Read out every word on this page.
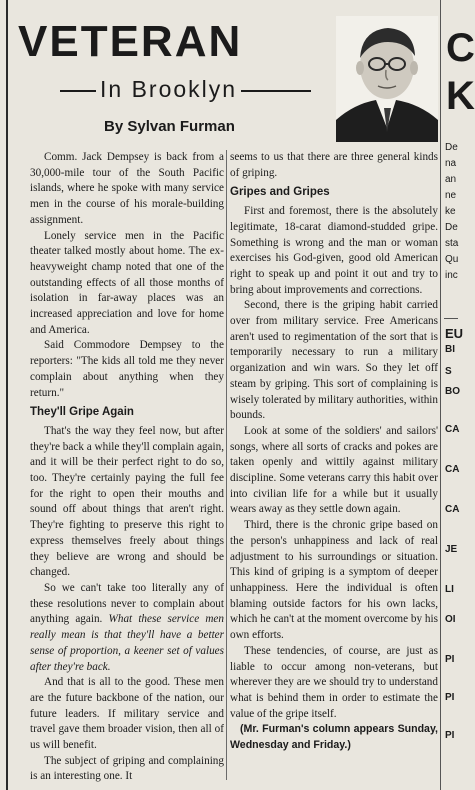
VETERAN
In Brooklyn
By Sylvan Furman

Comm. Jack Dempsey is back from a 30,000-mile tour of the South Pacific islands, where he spoke with many service men in the course of his morale-building assignment.

Lonely service men in the Pacific theater talked mostly about home. The ex-heavyweight champ noted that one of the outstanding effects of all those months of isolation in far-away places was an increased appreciation and love for home and America.

Said Commodore Dempsey to the reporters: "The kids all told me they never complain about anything when they return."

They'll Gripe Again

That's the way they feel now, but after they're back a while they'll complain again, and it will be their perfect right to do so, too. They're certainly paying the full fee for the right to open their mouths and sound off about things that aren't right. They're fighting to preserve this right to express themselves freely about things they believe are wrong and should be changed.

So we can't take too literally any of these resolutions never to complain about anything again. What these service men really mean is that they'll have a better sense of proportion, a keener set of values after they're back.

And that is all to the good. These men are the future backbone of the nation, our future leaders. If military service and travel gave them broader vision, then all of us will benefit.

The subject of griping and complaining is an interesting one. It

seems to us that there are three general kinds of griping.

Gripes and Gripes

First and foremost, there is the absolutely legitimate, 18-carat diamond-studded gripe. Something is wrong and the man or woman exercises his God-given, good old American right to speak up and point it out and try to bring about improvements and corrections.

Second, there is the griping habit carried over from military service. Free Americans aren't used to regimentation of the sort that is temporarily necessary to run a military organization and win wars. So they let off steam by griping. This sort of complaining is wisely tolerated by military authorities, within bounds.

Look at some of the soldiers' and sailors' songs, where all sorts of cracks and pokes are taken openly and wittily against military discipline. Some veterans carry this habit over into civilian life for a while but it usually wears away as they settle down again.

Third, there is the chronic gripe based on the person's unhappiness and lack of real adjustment to his surroundings or situation. This kind of griping is a symptom of deeper unhappiness. Here the individual is often blaming outside factors for his own lacks, which he can't at the moment overcome by his own efforts.

These tendencies, of course, are just as liable to occur among non-veterans, but wherever they are we should try to understand what is behind them in order to estimate the value of the gripe itself.

(Mr. Furman's column appears Sunday, Wednesday and Friday.)

C
K
De
na
an
ne
ke
De
sta
Qu
inc
EU
BI
S
BO
CA
CA
CA
JE
LI
OI
PI
PI
PI
